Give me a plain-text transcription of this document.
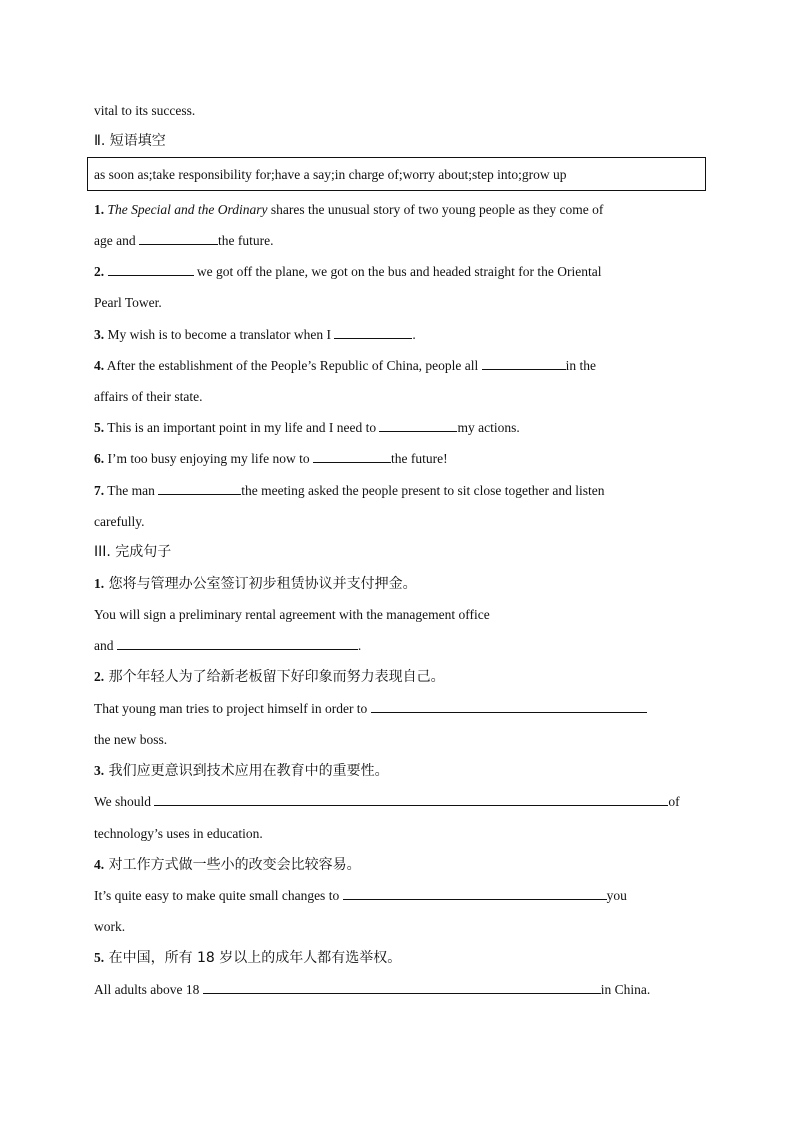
vital to its success.
Ⅱ. 短语填空
as soon as;take responsibility for;have a say;in charge of;worry about;step into;grow up
1. The Special and the Ordinary shares the unusual story of two young people as they come of
age and	the future.
2.	we got off the plane, we got on the bus and headed straight for the Oriental
Pearl Tower.
3. My wish is to become a translator when I	.
4. After the establishment of the People’s Republic of China, people all	in the
affairs of their state.
5. This is an important point in my life and I need to	my actions.
6. I’m too busy enjoying my life now to	the future!
7. The man	the meeting asked the people present to sit close together and listen
carefully.
III. 完成句子
1. 您将与管理办公室签订初步租赁协议并支付押金。
You will sign a preliminary rental agreement with the management office
and	.
2. 那个年轻人为了给新老板留下好印象而努力表现自己。
That young man tries to project himself in order to
the new boss.
3. 我们应更意识到技术应用在教育中的重要性。
We should	of
technology’s uses in education.
4. 对工作方式做一些小的改变会比较容易。
It’s quite easy to make quite small changes to	you
work.
5. 在中国，所有 18 岁以上的成年人都有选举权。
All adults above 18	in China.
